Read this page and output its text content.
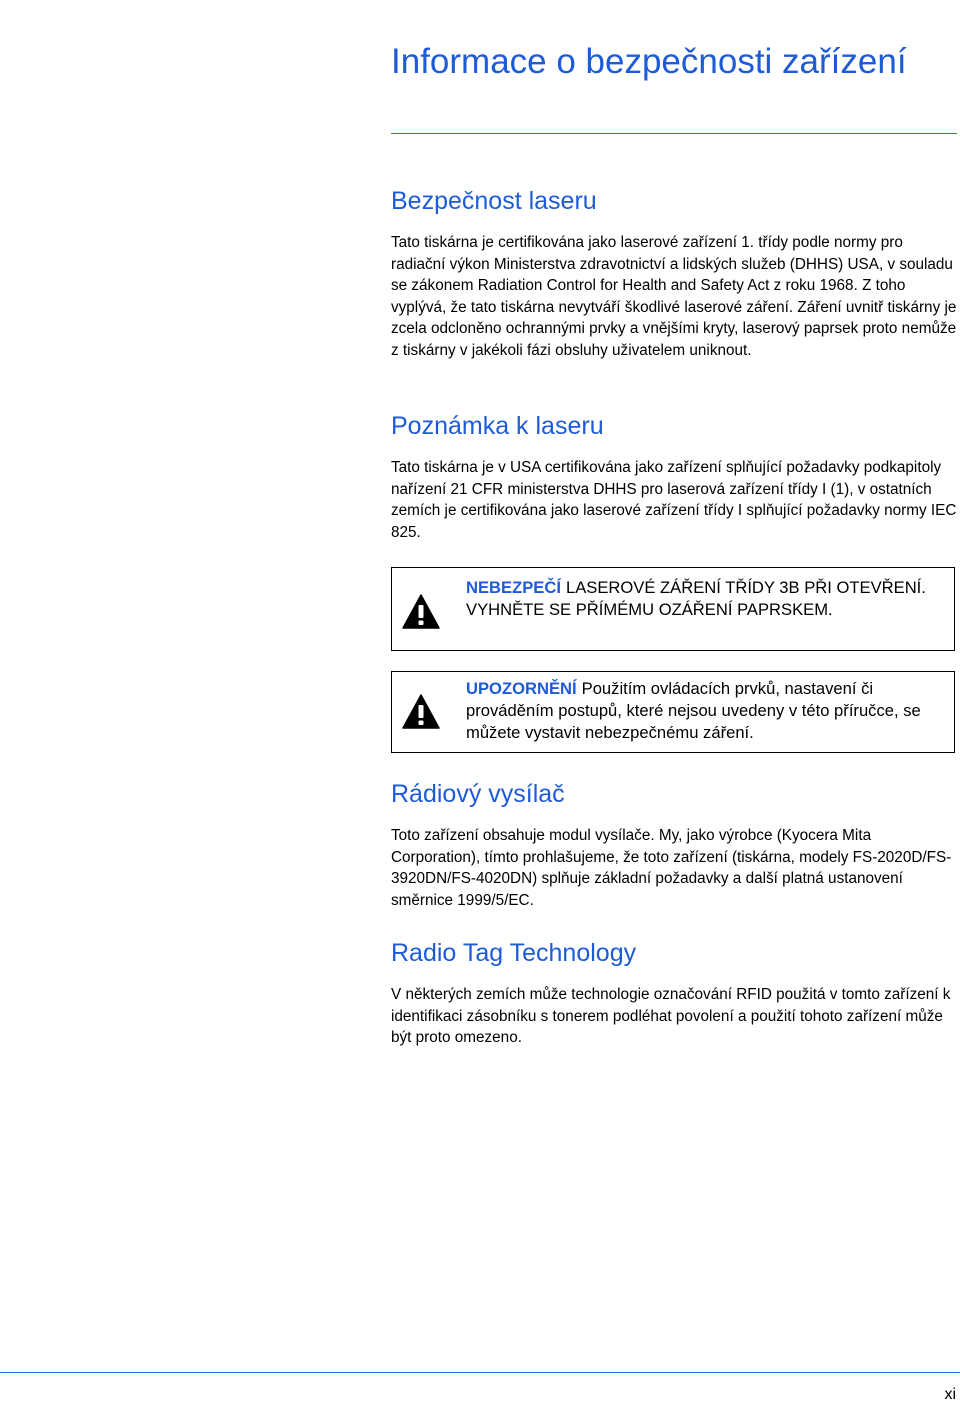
Informace o bezpečnosti zařízení
Bezpečnost laseru

Tato tiskárna je certifikována jako laserové zařízení 1. třídy podle normy pro radiační výkon Ministerstva zdravotnictví a lidských služeb (DHHS) USA, v souladu se zákonem Radiation Control for Health and Safety Act z roku 1968. Z toho vyplývá, že tato tiskárna nevytváří škodlivé laserové záření. Záření uvnitř tiskárny je zcela odcloněno ochrannými prvky a vnějšími kryty, laserový paprsek proto nemůže z tiskárny v jakékoli fázi obsluhy uživatelem uniknout.

Poznámka k laseru

Tato tiskárna je v USA certifikována jako zařízení splňující požadavky podkapitoly nařízení 21 CFR ministerstva DHHS pro laserová zařízení třídy I (1), v ostatních zemích je certifikována jako laserové zařízení třídy I splňující požadavky normy IEC 825.

NEBEZPEČÍ LASEROVÉ ZÁŘENÍ TŘÍDY 3B PŘI OTEVŘENÍ. VYHNĚTE SE PŘÍMÉMU OZÁŘENÍ PAPRSKEM.
UPOZORNĚNÍ Použitím ovládacích prvků, nastavení či prováděním postupů, které nejsou uvedeny v této příručce, se můžete vystavit nebezpečnému záření.
Rádiový vysílač

Toto zařízení obsahuje modul vysílače. My, jako výrobce (Kyocera Mita Corporation), tímto prohlašujeme, že toto zařízení (tiskárna, modely FS-2020D/FS-3920DN/FS-4020DN) splňuje základní požadavky a další platná ustanovení směrnice 1999/5/EC.

Radio Tag Technology

V některých zemích může technologie označování RFID použitá v tomto zařízení k identifikaci zásobníku s tonerem podléhat povolení a použití tohoto zařízení může být proto omezeno.

xi
